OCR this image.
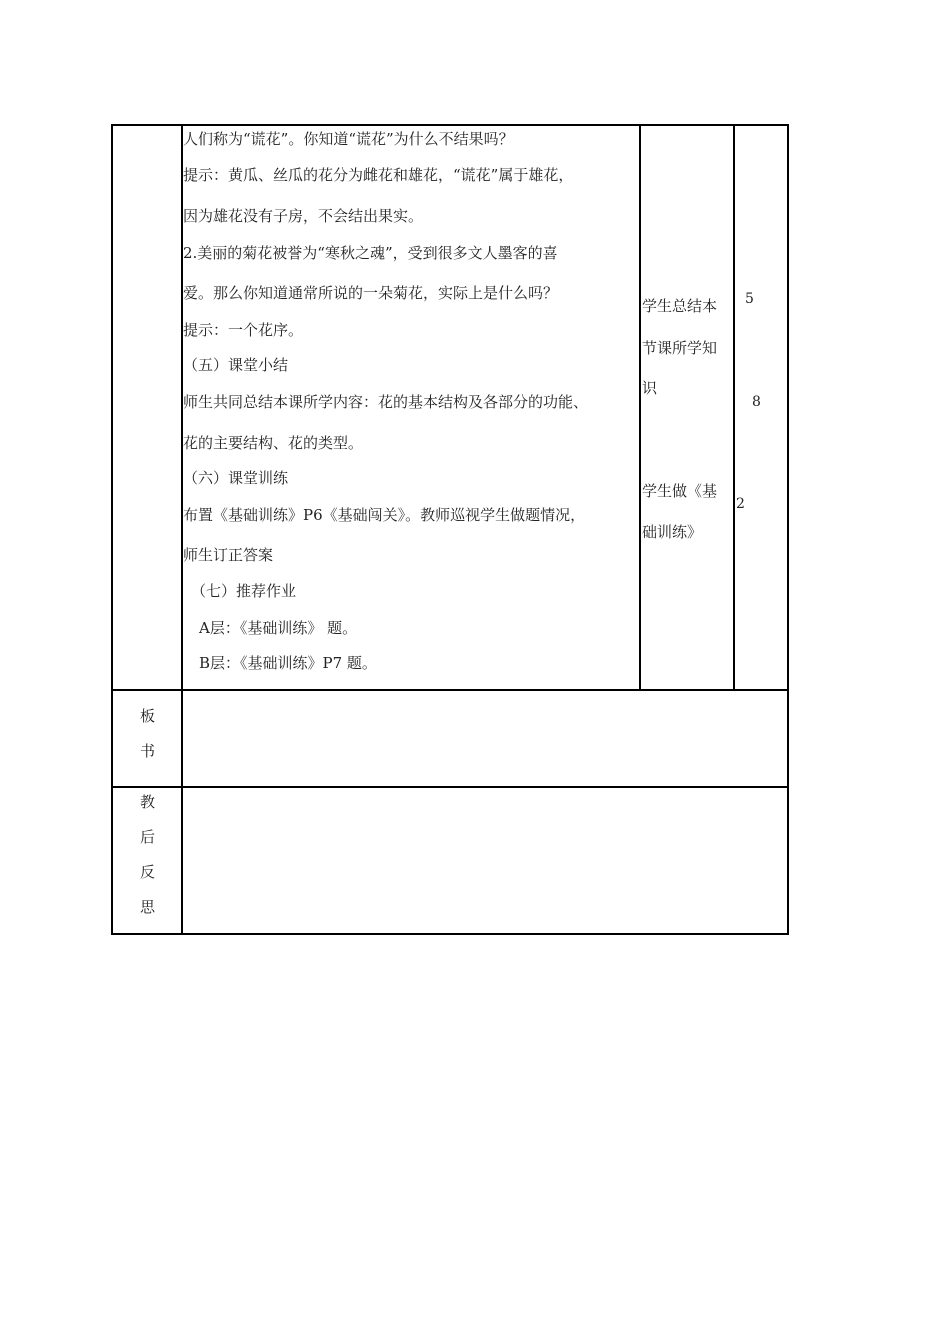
人们称为“谎花”。你知道“谎花”为什么不结果吗？
提示：黄瓜、丝瓜的花分为雌花和雄花，“谎花”属于雄花，
因为雄花没有子房，不会结出果实。
2.美丽的菊花被誉为“寒秋之魂”，受到很多文人墨客的喜
爱。那么你知道通常所说的一朵菊花，实际上是什么吗？
提示：一个花序。
（五）课堂小结
师生共同总结本课所学内容：花的基本结构及各部分的功能、
花的主要结构、花的类型。
（六）课堂训练
布置《基础训练》P6《基础闯关》。教师巡视学生做题情况，
师生订正答案
（七）推荐作业
A层：《基础训练》 题。
B层：《基础训练》P7 题。
学生总结本
节课所学知
识
学生做《基
础训练》
5
8
2
板
书
教
后
反
思
